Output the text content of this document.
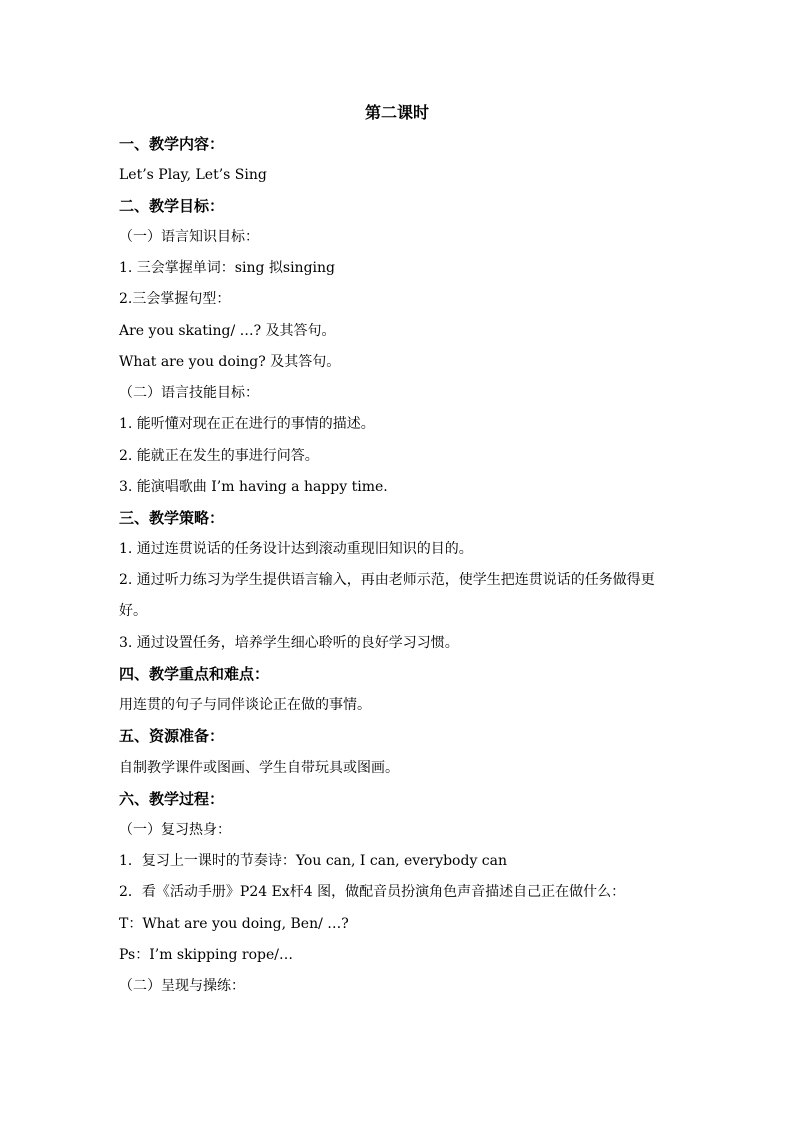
第二课时
一、教学内容：
Let’s Play, Let’s Sing
二、教学目标：
（一）语言知识目标：
1. 三会掌握单词：sing 拟singing
2.三会掌握句型：
Are you skating/ …? 及其答句。
What are you doing? 及其答句。
（二）语言技能目标：
1. 能听懂对现在正在进行的事情的描述。
2. 能就正在发生的事进行问答。
3. 能演唱歌曲 I’m having a happy time.
三、教学策略：
1. 通过连贯说话的任务设计达到滚动重现旧知识的目的。
2. 通过听力练习为学生提供语言输入，再由老师示范，使学生把连贯说话的任务做得更好。
3. 通过设置任务，培养学生细心聆听的良好学习习惯。
四、教学重点和难点：
用连贯的句子与同伴谈论正在做的事情。
五、资源准备：
自制教学课件或图画、学生自带玩具或图画。
六、教学过程：
（一）复习热身：
1．复习上一课时的节奏诗：You can, I can, everybody can
2．看《活动手册》P24 Ex杆4 图，做配音员扮演角色声音描述自己正在做什么：
T：What are you doing, Ben/ …?
Ps：I’m skipping rope/…
（二）呈现与操练：
